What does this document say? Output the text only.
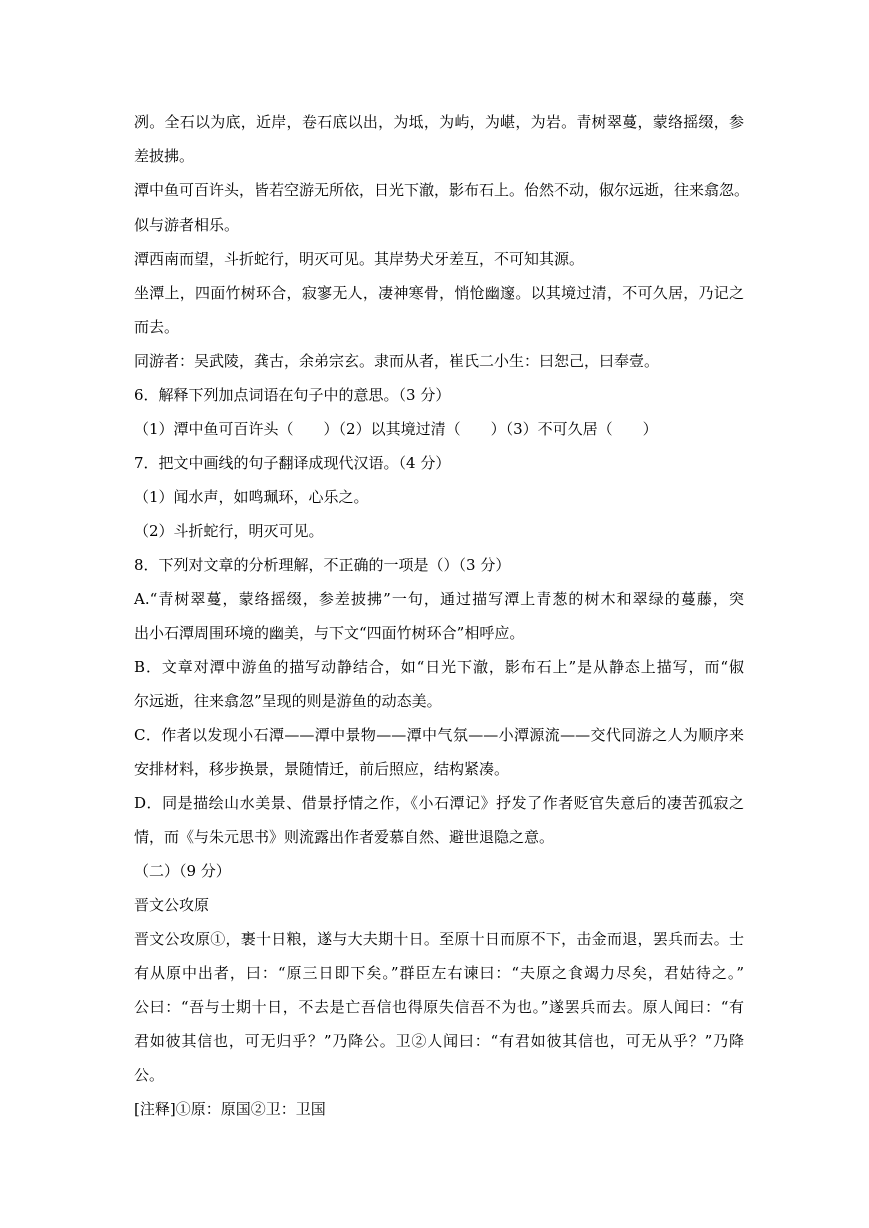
冽。全石以为底，近岸，卷石底以出，为坻，为屿，为嵁，为岩。青树翠蔓，蒙络摇缀，参
差披拂。
潭中鱼可百许头，皆若空游无所依，日光下澈，影布石上。佁然不动，俶尔远逝，往来翕忽。
似与游者相乐。
潭西南而望，斗折蛇行，明灭可见。其岸势犬牙差互，不可知其源。
坐潭上，四面竹树环合，寂寥无人，凄神寒骨，悄怆幽邃。以其境过清，不可久居，乃记之
而去。
同游者：吴武陵，龚古，余弟宗玄。隶而从者，崔氏二小生：曰恕己，曰奉壹。
6．解释下列加点词语在句子中的意思。（3 分）
（1）潭中鱼可百许头（　　）（2）以其境过清（　　）（3）不可久居（　　）
7．把文中画线的句子翻译成现代汉语。（4 分）
（1）闻水声，如鸣珮环，心乐之。
（2）斗折蛇行，明灭可见。
8．下列对文章的分析理解，不正确的一项是（）（3 分）
A.“青树翠蔓，蒙络摇缀，参差披拂”一句，通过描写潭上青葱的树木和翠绿的蔓藤，突
出小石潭周围环境的幽美，与下文“四面竹树环合”相呼应。
B．文章对潭中游鱼的描写动静结合，如“日光下澈，影布石上”是从静态上描写，而“俶
尔远逝，往来翕忽”呈现的则是游鱼的动态美。
C．作者以发现小石潭——潭中景物——潭中气氛——小潭源流——交代同游之人为顺序来
安排材料，移步换景，景随情迁，前后照应，结构紧凑。
D．同是描绘山水美景、借景抒情之作，《小石潭记》抒发了作者贬官失意后的凄苦孤寂之
情，而《与朱元思书》则流露出作者爱慕自然、避世退隐之意。
（二）（9 分）
晋文公攻原
晋文公攻原①，裹十日粮，遂与大夫期十日。至原十日而原不下，击金而退，罢兵而去。士
有从原中出者，曰：“原三日即下矣。”群臣左右谏曰：“夫原之食竭力尽矣，君姑待之。”
公曰：“吾与士期十日，不去是亡吾信也得原失信吾不为也。”遂罢兵而去。原人闻曰：“有
君如彼其信也，可无归乎？”乃降公。卫②人闻曰：“有君如彼其信也，可无从乎？”乃降
公。
[注释]①原：原国②卫：卫国
